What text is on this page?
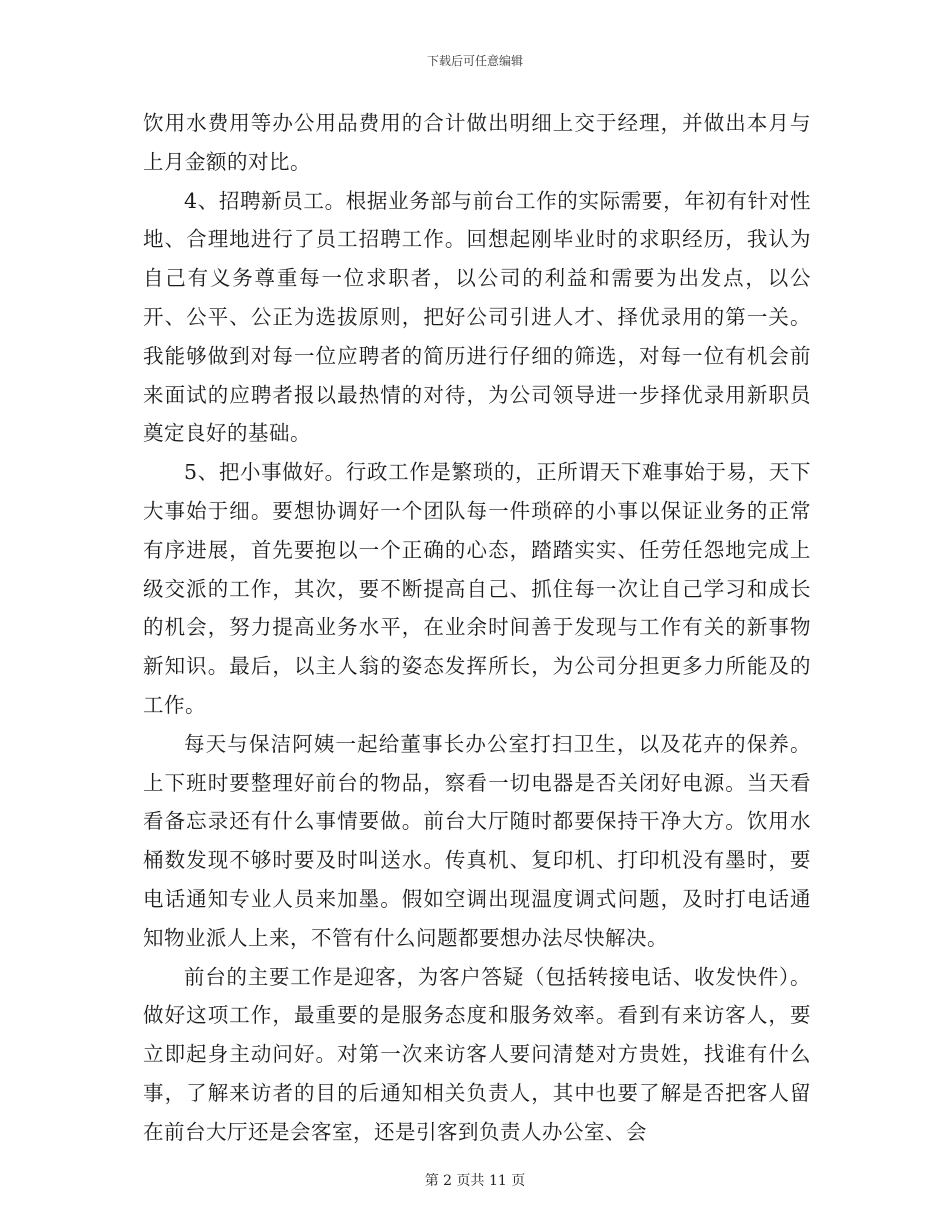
下载后可任意编辑

饮用水费用等办公用品费用的合计做出明细上交于经理，并做出本月与上月金额的对比。

4、招聘新员工。根据业务部与前台工作的实际需要，年初有针对性地、合理地进行了员工招聘工作。回想起刚毕业时的求职经历，我认为自己有义务尊重每一位求职者，以公司的利益和需要为出发点，以公开、公平、公正为选拔原则，把好公司引进人才、择优录用的第一关。我能够做到对每一位应聘者的简历进行仔细的筛选，对每一位有机会前来面试的应聘者报以最热情的对待，为公司领导进一步择优录用新职员奠定良好的基础。

5、把小事做好。行政工作是繁琐的，正所谓天下难事始于易，天下大事始于细。要想协调好一个团队每一件琐碎的小事以保证业务的正常有序进展，首先要抱以一个正确的心态，踏踏实实、任劳任怨地完成上级交派的工作，其次，要不断提高自己、抓住每一次让自己学习和成长的机会，努力提高业务水平，在业余时间善于发现与工作有关的新事物新知识。最后，以主人翁的姿态发挥所长，为公司分担更多力所能及的工作。

每天与保洁阿姨一起给董事长办公室打扫卫生，以及花卉的保养。上下班时要整理好前台的物品，察看一切电器是否关闭好电源。当天看看备忘录还有什么事情要做。前台大厅随时都要保持干净大方。饮用水桶数发现不够时要及时叫送水。传真机、复印机、打印机没有墨时，要电话通知专业人员来加墨。假如空调出现温度调式问题，及时打电话通知物业派人上来，不管有什么问题都要想办法尽快解决。

前台的主要工作是迎客，为客户答疑（包括转接电话、收发快件）。做好这项工作，最重要的是服务态度和服务效率。看到有来访客人，要立即起身主动问好。对第一次来访客人要问清楚对方贵姓，找谁有什么事，了解来访者的目的后通知相关负责人，其中也要了解是否把客人留在前台大厅还是会客室，还是引客到负责人办公室、会

第 2 页共 11 页
